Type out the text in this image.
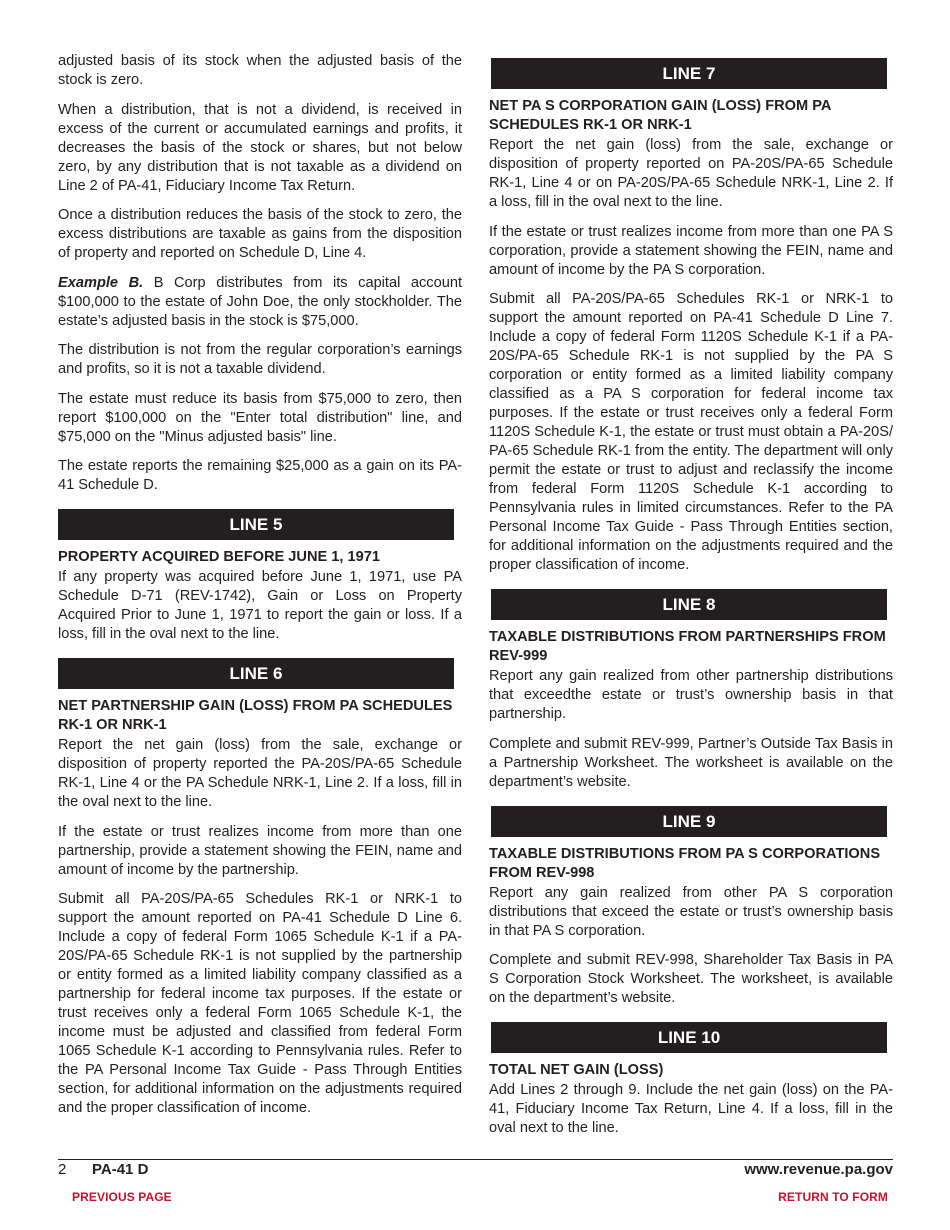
adjusted basis of its stock when the adjusted basis of the stock is zero.

When a distribution, that is not a dividend, is received in excess of the current or accumulated earnings and profits, it decreases the basis of the stock or shares, but not below zero, by any distribution that is not taxable as a dividend on Line 2 of PA-41, Fiduciary Income Tax Return.

Once a distribution reduces the basis of the stock to zero, the excess distributions are taxable as gains from the disposition of property and reported on Schedule D, Line 4.

Example B. B Corp distributes from its capital account $100,000 to the estate of John Doe, the only stockholder. The estate’s adjusted basis in the stock is $75,000.

The distribution is not from the regular corporation’s earnings and profits, so it is not a taxable dividend.

The estate must reduce its basis from $75,000 to zero, then report $100,000 on the "Enter total distribution" line, and $75,000 on the "Minus adjusted basis" line.

The estate reports the remaining $25,000 as a gain on its PA-41 Schedule D.

LINE 5
PROPERTY ACQUIRED BEFORE JUNE 1, 1971

If any property was acquired before June 1, 1971, use PA Schedule D-71 (REV-1742), Gain or Loss on Property Acquired Prior to June 1, 1971 to report the gain or loss. If a loss, fill in the oval next to the line.

LINE 6
NET PARTNERSHIP GAIN (LOSS) FROM PA SCHEDULES RK-1 OR NRK-1

Report the net gain (loss) from the sale, exchange or disposition of property reported the PA-20S/PA-65 Schedule RK-1, Line 4 or the PA Schedule NRK-1, Line 2. If a loss, fill in the oval next to the line.

If the estate or trust realizes income from more than one partnership, provide a statement showing the FEIN, name and amount of income by the partnership.

Submit all PA-20S/PA-65 Schedules RK-1 or NRK-1 to support the amount reported on PA-41 Schedule D Line 6. Include a copy of federal Form 1065 Schedule K-1 if a PA-20S/PA-65 Schedule RK-1 is not supplied by the partnership or entity formed as a limited liability company classified as a partnership for federal income tax purposes. If the estate or trust receives only a federal Form 1065 Schedule K-1, the income must be adjusted and classified from federal Form 1065 Schedule K-1 according to Pennsylvania rules. Refer to the PA Personal Income Tax Guide - Pass Through Entities section, for additional information on the adjustments required and the proper classification of income.

LINE 7
NET PA S CORPORATION GAIN (LOSS) FROM PA SCHEDULES RK-1 OR NRK-1

Report the net gain (loss) from the sale, exchange or disposition of property reported on PA-20S/PA-65 Schedule RK-1, Line 4 or on PA-20S/PA-65 Schedule NRK-1, Line 2. If a loss, fill in the oval next to the line.

If the estate or trust realizes income from more than one PA S corporation, provide a statement showing the FEIN, name and amount of income by the PA S corporation.

Submit all PA-20S/PA-65 Schedules RK-1 or NRK-1 to support the amount reported on PA-41 Schedule D Line 7. Include a copy of federal Form 1120S Schedule K-1 if a PA-20S/PA-65 Schedule RK-1 is not supplied by the PA S corporation or entity formed as a limited liability company classified as a PA S corporation for federal income tax purposes. If the estate or trust receives only a federal Form 1120S Schedule K-1, the estate or trust must obtain a PA-20S/ PA-65 Schedule RK-1 from the entity. The department will only permit the estate or trust to adjust and reclassify the income from federal Form 1120S Schedule K-1 according to Pennsylvania rules in limited circumstances. Refer to the PA Personal Income Tax Guide - Pass Through Entities section, for additional information on the adjustments required and the proper classification of income.

LINE 8
TAXABLE DISTRIBUTIONS FROM PARTNERSHIPS FROM REV-999

Report any gain realized from other partnership distributions that exceedthe estate or trust’s ownership basis in that partnership.

Complete and submit REV-999, Partner’s Outside Tax Basis in a Partnership Worksheet. The worksheet is available on the department’s website.

LINE 9
TAXABLE DISTRIBUTIONS FROM PA S CORPORATIONS FROM REV-998

Report any gain realized from other PA S corporation distributions that exceed the estate or trust’s ownership basis in that PA S corporation.

Complete and submit REV-998, Shareholder Tax Basis in PA S Corporation Stock Worksheet. The worksheet, is available on the department’s website.

LINE 10
TOTAL NET GAIN (LOSS)

Add Lines 2 through 9. Include the net gain (loss) on the PA-41, Fiduciary Income Tax Return, Line 4. If a loss, fill in the oval next to the line.

2 PA-41 D	www.revenue.pa.gov
PREVIOUS PAGE	RETURN TO FORM
